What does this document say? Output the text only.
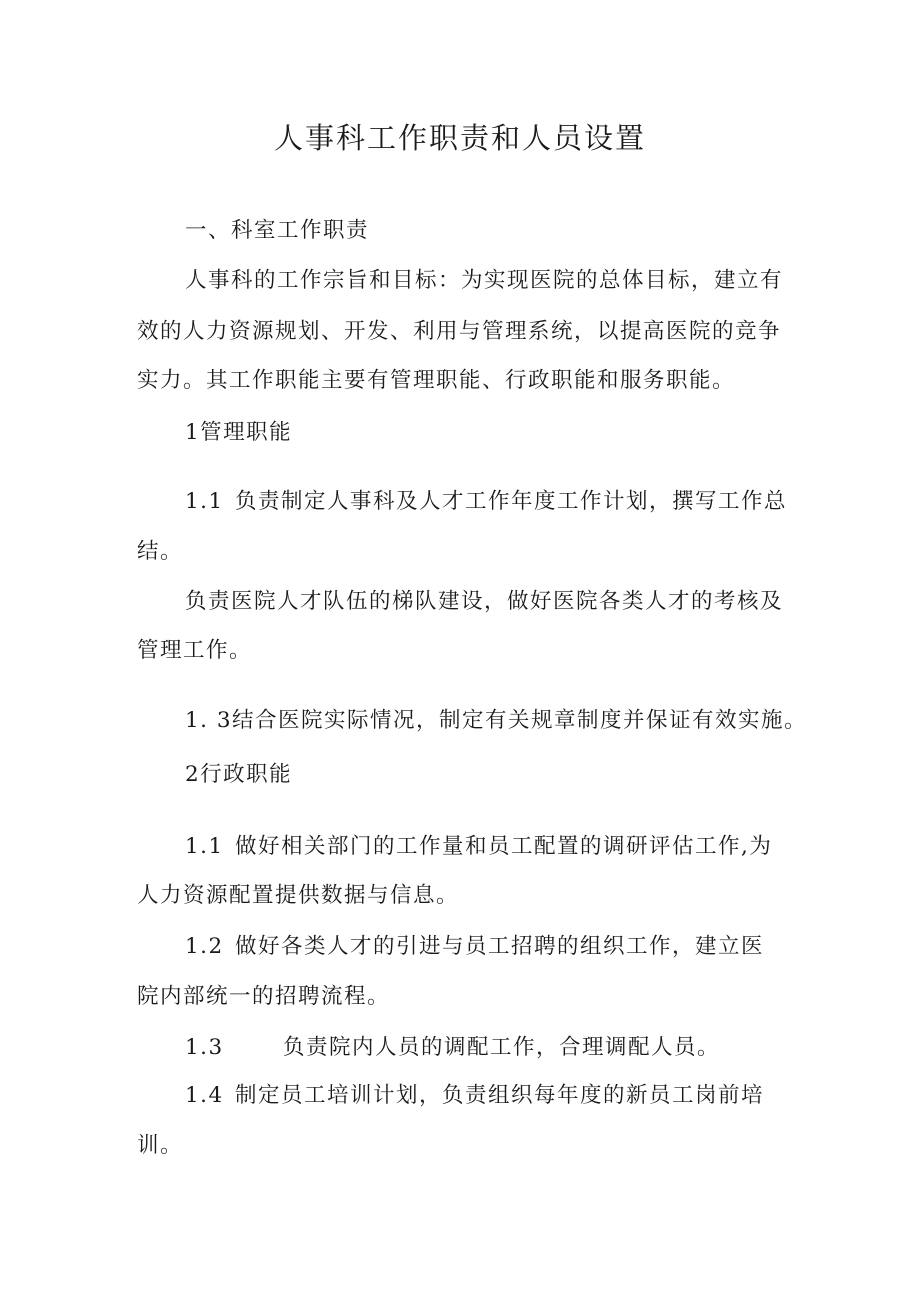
人事科工作职责和人员设置
一、科室工作职责
人事科的工作宗旨和目标：为实现医院的总体目标，建立有
效的人力资源规划、开发、利用与管理系统，以提高医院的竞争
实力。其工作职能主要有管理职能、行政职能和服务职能。
1管理职能
1.1 负责制定人事科及人才工作年度工作计划，撰写工作总
结。
负责医院人才队伍的梯队建设，做好医院各类人才的考核及
管理工作。
1. 3结合医院实际情况，制定有关规章制度并保证有效实施。
2行政职能
1.1 做好相关部门的工作量和员工配置的调研评估工作,为
人力资源配置提供数据与信息。
1.2 做好各类人才的引进与员工招聘的组织工作，建立医
院内部统一的招聘流程。
1.3	负责院内人员的调配工作，合理调配人员。
1.4 制定员工培训计划，负责组织每年度的新员工岗前培
训。
